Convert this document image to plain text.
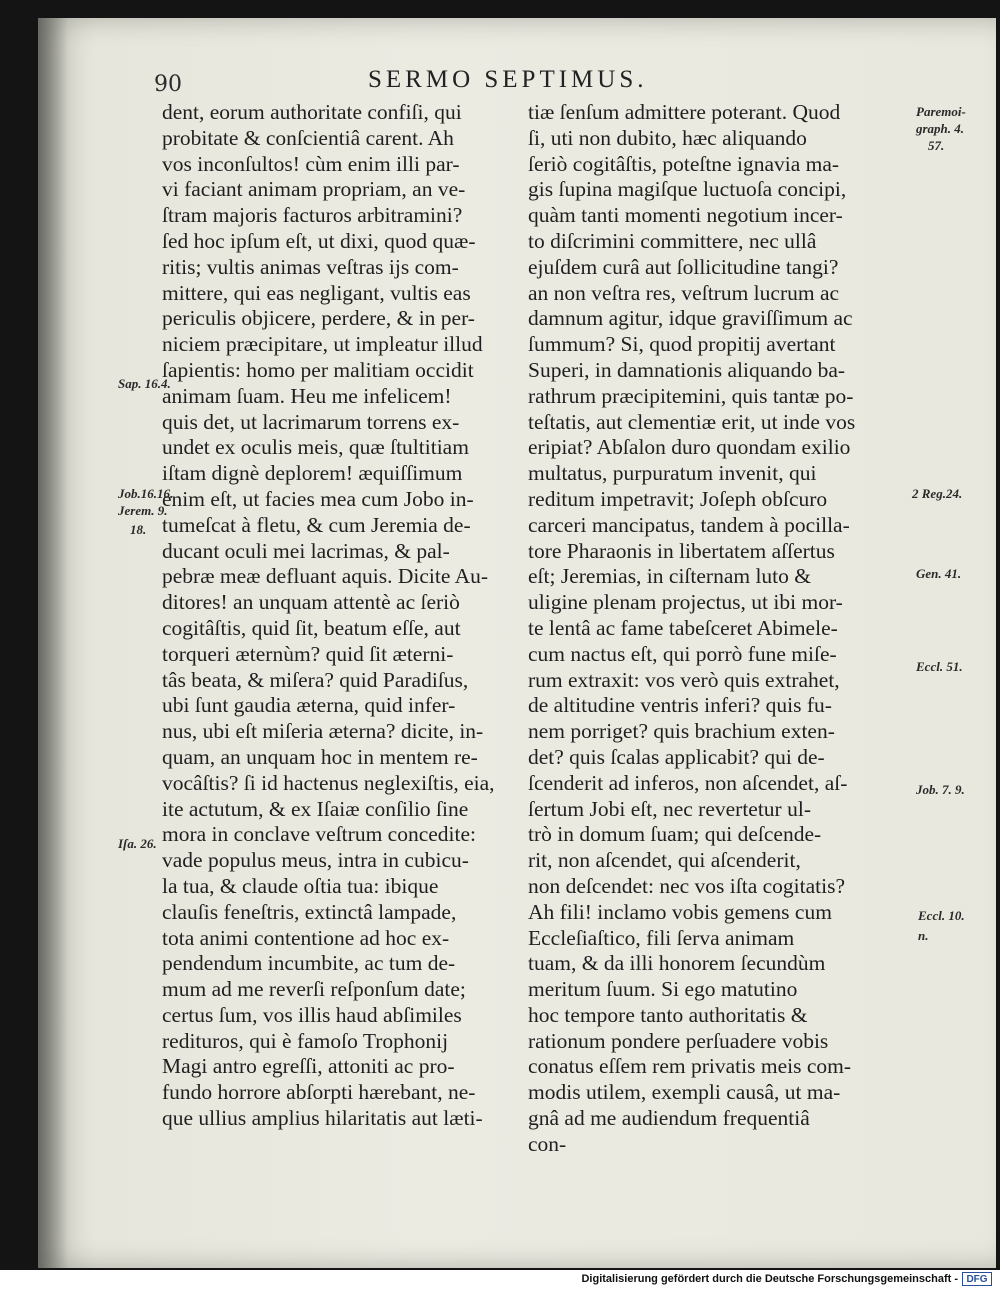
90	SERMO SEPTIMUS.
dent, eorum authoritate confiſi, qui
probitate & conſcientiâ carent. Ah
vos inconſultos! cùm enim illi par-
vi faciant animam propriam, an ve-
ſtram majoris facturos arbitramini?
ſed hoc ipſum eſt, ut dixi, quod quæ-
ritis; vultis animas veſtras ijs com-
mittere, qui eas negligant, vultis eas
periculis objicere, perdere, & in per-
niciem præcipitare, ut impleatur illud
ſapientis: homo per malitiam occidit
animam ſuam. Heu me infelicem!
quis det, ut lacrimarum torrens ex-
undet ex oculis meis, quæ ſtultitiam
iſtam dignè deplorem! æquiſſimum
enim eſt, ut facies mea cum Jobo in-
tumeſcat à fletu, & cum Jeremia de-
ducant oculi mei lacrimas, & pal-
pebræ meæ defluant aquis. Dicite Au-
ditores! an unquam attentè ac ſeriò
cogitâſtis, quid ſit, beatum eſſe, aut
torqueri æternùm? quid ſit æterni-
tâs beata, & miſera? quid Paradiſus,
ubi ſunt gaudia æterna, quid infer-
nus, ubi eſt miſeria æterna? dicite, in-
quam, an unquam hoc in mentem re-
vocâſtis? ſi id hactenus neglexiſtis, eia,
ite actutum, & ex Iſaiæ conſilio ſine
mora in conclave veſtrum concedite:
vade populus meus, intra in cubicu-
la tua, & claude oſtia tua: ibique
clauſis feneſtris, extinctâ lampade,
tota animi contentione ad hoc ex-
pendendum incumbite, ac tum de-
mum ad me reverſi reſponſum date;
certus ſum, vos illis haud abſimiles
redituros, qui è famoſo Trophonij
Magi antro egreſſi, attoniti ac pro-
fundo horrore abſorpti hærebant, ne-
que ullius amplius hilaritatis aut læti-
tiæ ſenſum admittere poterant. Quod
ſi, uti non dubito, hæc aliquando
ſeriò cogitâſtis, poteſtne ignavia ma-
gis ſupina magiſque luctuoſa concipi,
quàm tanti momenti negotium incer-
to diſcrimini committere, nec ullâ
ejuſdem curâ aut ſollicitudine tangi?
an non veſtra res, veſtrum lucrum ac
damnum agitur, idque graviſſimum ac
ſummum? Si, quod propitij avertant
Superi, in damnationis aliquando ba-
rathrum præcipitemini, quis tantæ po-
teſtatis, aut clementiæ erit, ut inde vos
eripiat? Abſalon duro quondam exilio
multatus, purpuratum invenit, qui
reditum impetravit; Joſeph obſcuro
carceri mancipatus, tandem à pocilla-
tore Pharaonis in libertatem aſſertus
eſt; Jeremias, in ciſternam luto &
uligine plenam projectus, ut ibi mor-
te lentâ ac fame tabeſceret Abimele-
cum nactus eſt, qui porrò fune miſe-
rum extraxit: vos verò quis extrahet,
de altitudine ventris inferi? quis fu-
nem porriget? quis brachium exten-
det? quis ſcalas applicabit? qui de-
ſcenderit ad inferos, non aſcendet, aſ-
ſertum Jobi eſt, nec revertetur ul-
trò in domum ſuam; qui deſcende-
rit, non aſcendet, qui aſcenderit,
non deſcendet: nec vos iſta cogitatis?
Ah fili! inclamo vobis gemens cum
Eccleſiaſtico, fili ſerva animam
tuam, & da illi honorem ſecundùm
meritum ſuum. Si ego matutino
hoc tempore tanto authoritatis &
rationum pondere perſuadere vobis
conatus eſſem rem privatis meis com-
modis utilem, exempli causâ, ut ma-
gnâ ad me audiendum frequentiâ
con-
Sap. 16.4.
Job.16.16.
Jerem. 9.
18.
Iſa. 26.
Paremoi-
graph. 4.
57.
2 Reg.24.
Gen. 41.
Eccl. 51.
Job. 7. 9.
Eccl. 10.
n.
Digitalisierung gefördert durch die Deutsche Forschungsgemeinschaft - DFG
